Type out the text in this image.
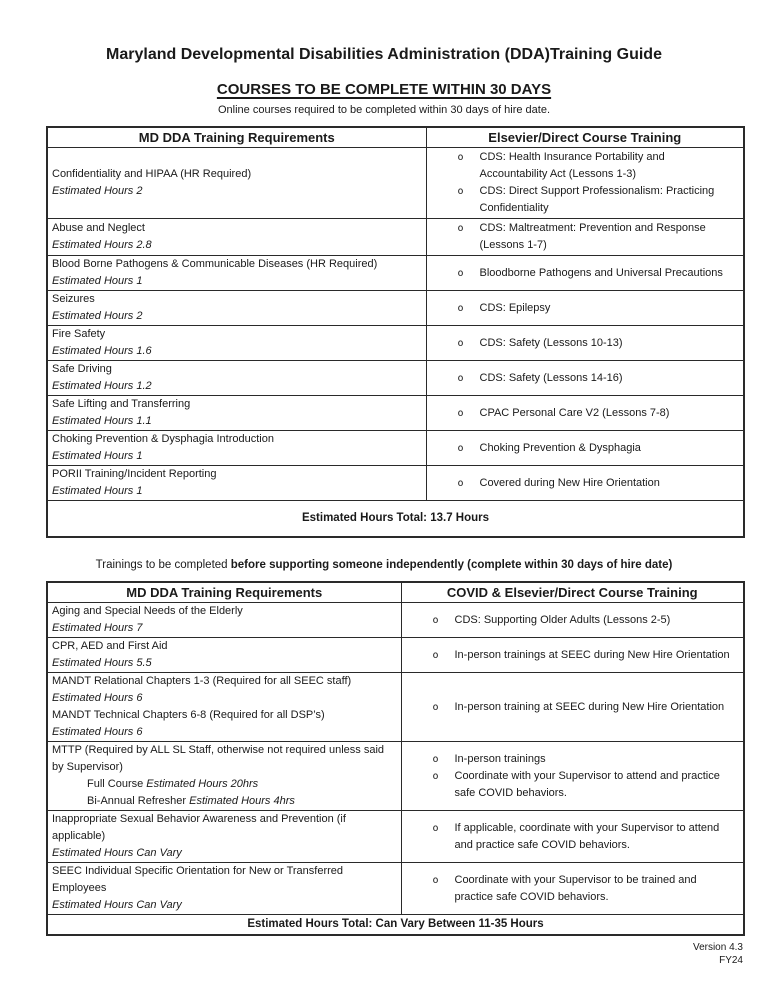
Maryland Developmental Disabilities Administration (DDA)Training Guide
COURSES TO BE COMPLETE WITHIN 30 DAYS
Online courses required to be completed within 30 days of hire date.
MD DDA Training Requirements	Elsevier/Direct Course Training

Confidentiality and HIPAA (HR Required)
Estimated Hours 2

o	CDS: Health Insurance Portability and Accountability Act (Lessons 1-3)
o	CDS: Direct Support Professionalism: Practicing Confidentiality

Abuse and Neglect
Estimated Hours 2.8

o	CDS: Maltreatment: Prevention and Response (Lessons 1-7)

Blood Borne Pathogens & Communicable Diseases (HR Required)
Estimated Hours 1

o	Bloodborne Pathogens and Universal Precautions

Seizures
Estimated Hours 2

o	CDS: Epilepsy

Fire Safety
Estimated Hours 1.6

o	CDS: Safety (Lessons 10-13)

Safe Driving
Estimated Hours 1.2

o	CDS: Safety (Lessons 14-16)

Safe Lifting and Transferring
Estimated Hours 1.1

o	CPAC Personal Care V2 (Lessons 7-8)

Choking Prevention & Dysphagia Introduction
Estimated Hours 1

o	Choking Prevention & Dysphagia

PORII Training/Incident Reporting
Estimated Hours 1

o	Covered during New Hire Orientation

Estimated Hours Total: 13.7 Hours	
Trainings to be completed before supporting someone independently (complete within 30 days of hire date)
MD DDA Training Requirements	COVID & Elsevier/Direct Course Training

Aging and Special Needs of the Elderly
Estimated Hours 7

o	CDS: Supporting Older Adults (Lessons 2-5)

CPR, AED and First Aid
Estimated Hours 5.5

o	In-person trainings at SEEC during New Hire Orientation

MANDT Relational Chapters 1-3 (Required for all SEEC staff)
Estimated Hours 6
MANDT Technical Chapters 6-8 (Required for all DSP’s)
Estimated Hours 6

o	In-person training at SEEC during New Hire Orientation

MTTP (Required by ALL SL Staff, otherwise not required unless said by Supervisor)
Full Course Estimated Hours 20hrs
Bi-Annual Refresher Estimated Hours 4hrs

o	In-person trainings
o	Coordinate with your Supervisor to attend and practice safe COVID behaviors.

Inappropriate Sexual Behavior Awareness and Prevention (if applicable)
Estimated Hours Can Vary

o	If applicable, coordinate with your Supervisor to attend and practice safe COVID behaviors.

SEEC Individual Specific Orientation for New or Transferred Employees
Estimated Hours Can Vary

o	Coordinate with your Supervisor to be trained and practice safe COVID behaviors.

Estimated Hours Total: Can Vary Between 11-35 Hours	
Version 4.3
FY24
